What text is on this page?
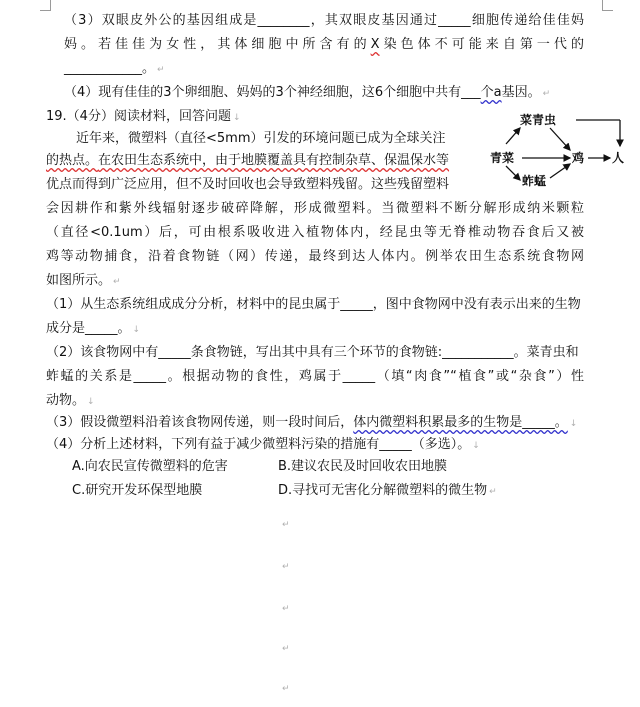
（3）双眼皮外公的基因组成是________，其双眼皮基因通过_____细胞传递给佳佳妈
妈。若佳佳为女性，其体细胞中所含有的X染色体不可能来自第一代的
____________。 ↵
（4）现有佳佳的3个卵细胞、妈妈的3个神经细胞，这6个细胞中共有___个a基因。 ↵
19.（4分）阅读材料，回答问题 ↓
近年来，微塑料（直径<5mm）引发的环境问题已成为全球关注
的热点。在农田生态系统中，由于地膜覆盖具有控制杂草、保温保水等
优点而得到广泛应用，但不及时回收也会导致塑料残留。这些残留塑料
会因耕作和紫外线辐射逐步破碎降解，形成微塑料。当微塑料不断分解形成纳米颗粒
（直径<0.1um）后，可由根系吸收进入植物体内，经昆虫等无脊椎动物吞食后又被
鸡等动物捕食，沿着食物链（网）传递，最终到达人体内。例举农田生态系统食物网
如图所示。 ↵
（1）从生态系统组成成分分析，材料中的昆虫属于_____，图中食物网中没有表示出来的生物
成分是_____。 ↓
（2）该食物网中有_____条食物链，写出其中具有三个环节的食物链:___________。菜青虫和
蚱蜢的关系是_____。根据动物的食性，鸡属于_____（填“肉食”“植食”或“杂食”）性
动物。 ↓
（3）假设微塑料沿着该食物网传递，则一段时间后，体内微塑料积累最多的生物是_____。 ↓
（4）分析上述材料，下列有益于减少微塑料污染的措施有_____（多选）。 ↓
A.向农民宣传微塑料的危害	B.建议农民及时回收农田地膜
C.研究开发环保型地膜	D.寻找可无害化分解微塑料的微生物 ↵
↵
↵
↵
↵
↵
菜青虫
青菜	鸡 人
蚱蜢
